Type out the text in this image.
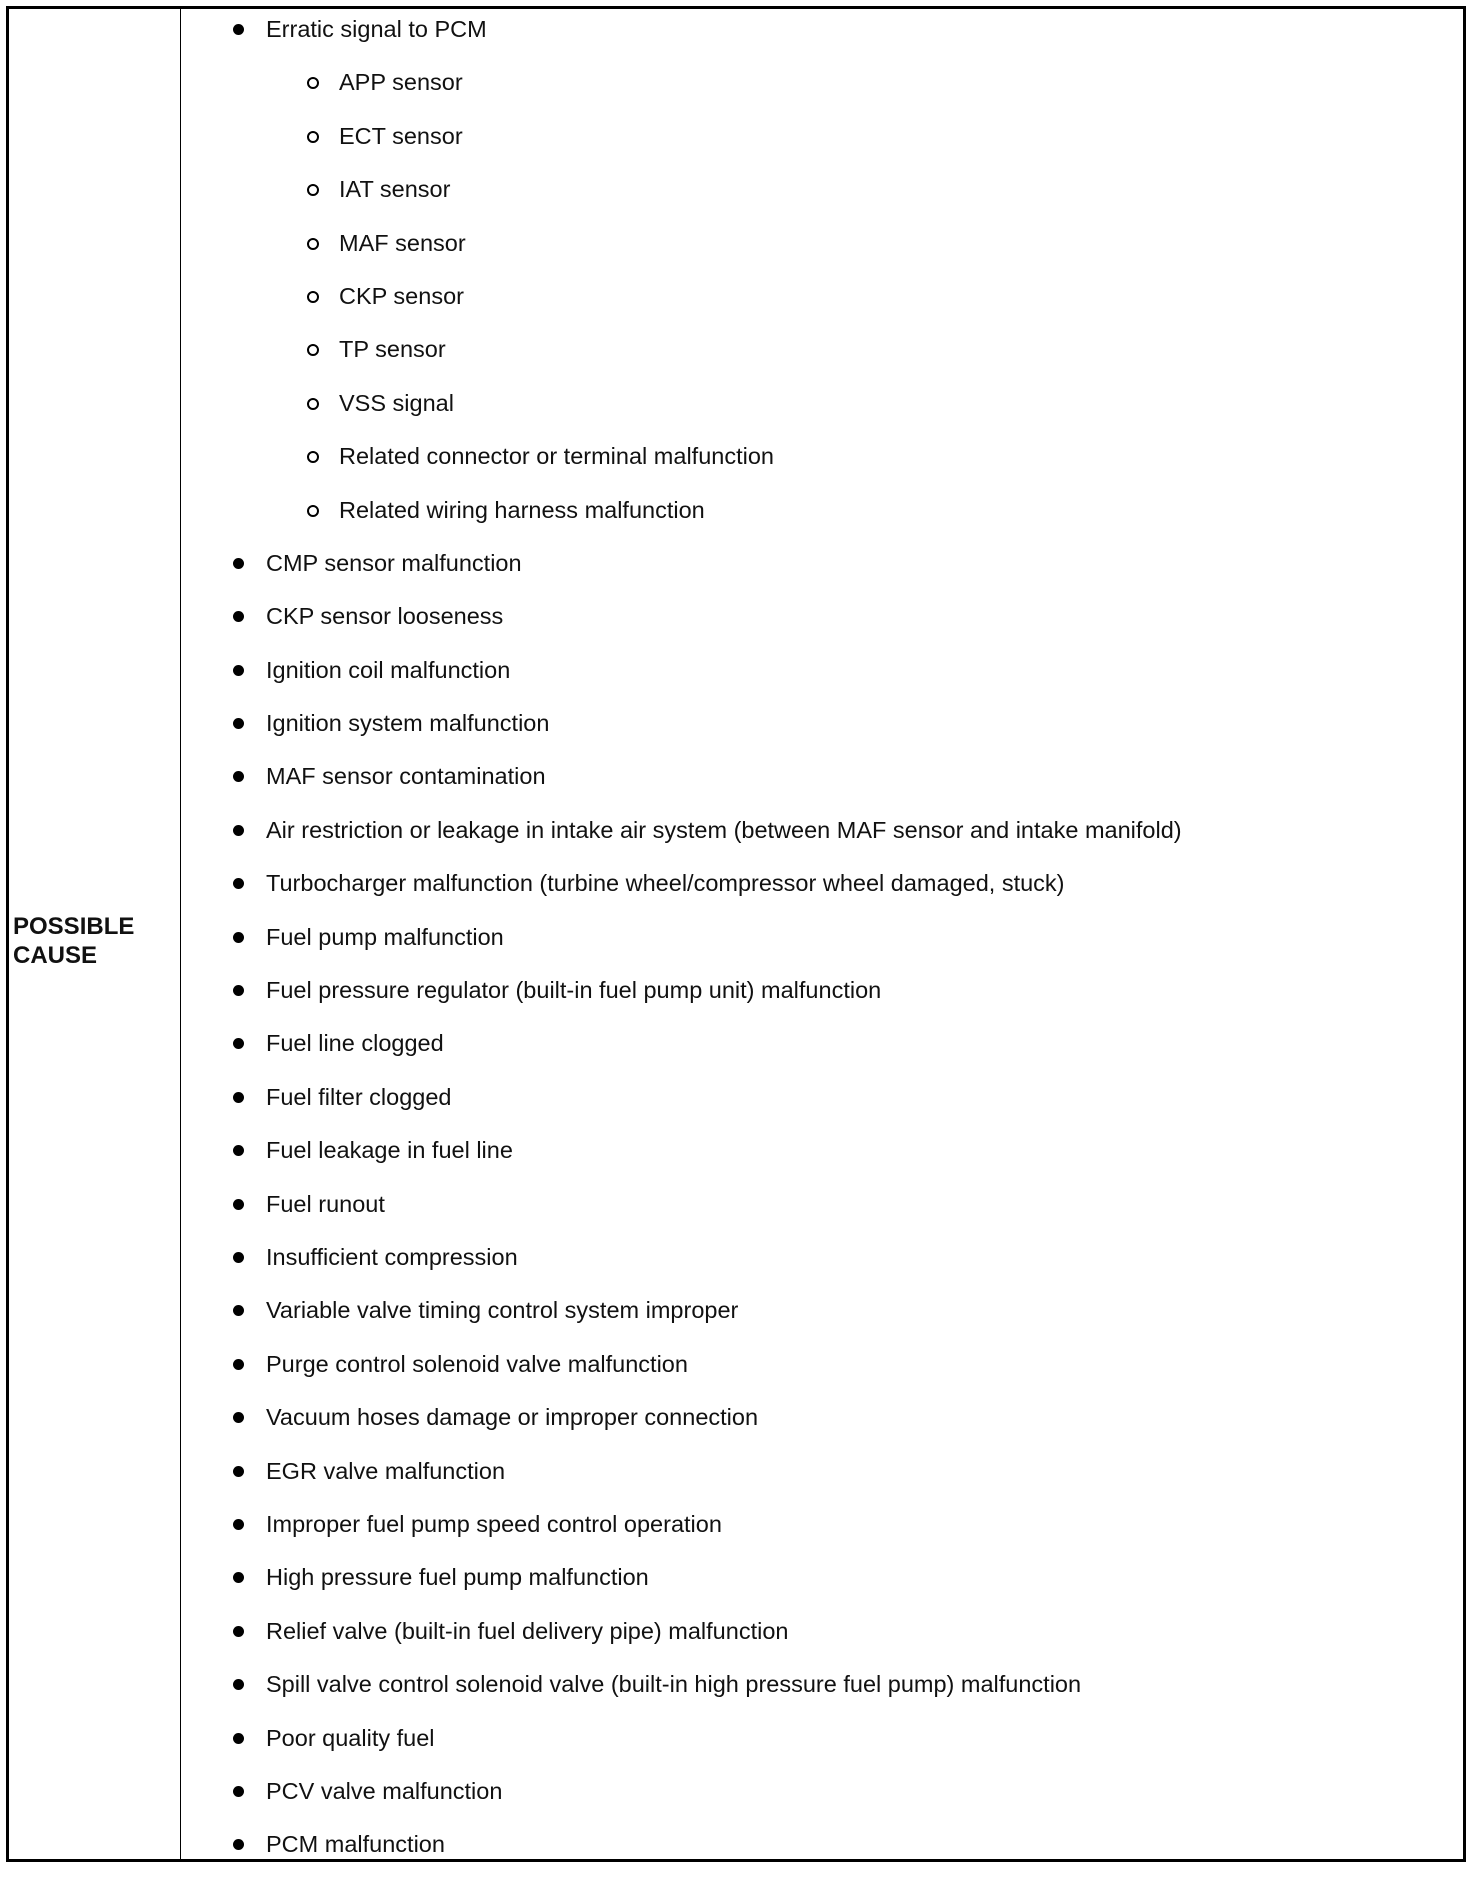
POSSIBLE
CAUSE
Erratic signal to PCM
APP sensor
ECT sensor
IAT sensor
MAF sensor
CKP sensor
TP sensor
VSS signal
Related connector or terminal malfunction
Related wiring harness malfunction
CMP sensor malfunction
CKP sensor looseness
Ignition coil malfunction
Ignition system malfunction
MAF sensor contamination
Air restriction or leakage in intake air system (between MAF sensor and intake manifold)
Turbocharger malfunction (turbine wheel/compressor wheel damaged, stuck)
Fuel pump malfunction
Fuel pressure regulator (built-in fuel pump unit) malfunction
Fuel line clogged
Fuel filter clogged
Fuel leakage in fuel line
Fuel runout
Insufficient compression
Variable valve timing control system improper
Purge control solenoid valve malfunction
Vacuum hoses damage or improper connection
EGR valve malfunction
Improper fuel pump speed control operation
High pressure fuel pump malfunction
Relief valve (built-in fuel delivery pipe) malfunction
Spill valve control solenoid valve (built-in high pressure fuel pump) malfunction
Poor quality fuel
PCV valve malfunction
PCM malfunction
